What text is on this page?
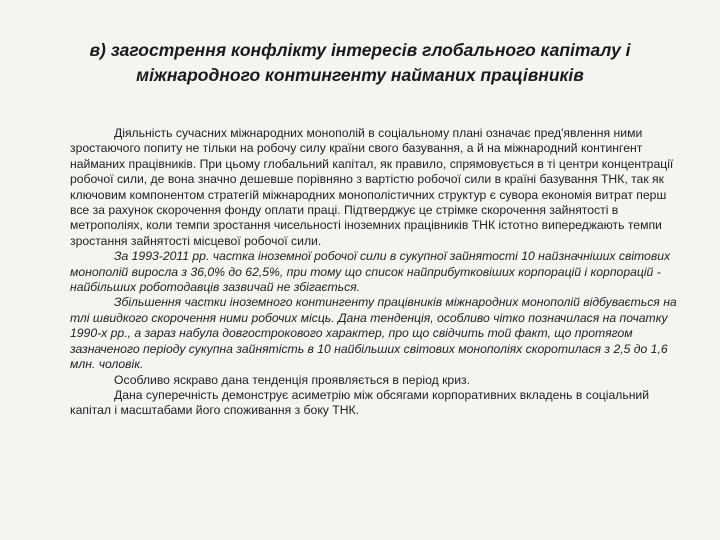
в) загострення конфлікту інтересів глобального капіталу і міжнародного контингенту найманих працівників

Діяльність сучасних міжнародних монополій в соціальному плані означає пред'явлення ними зростаючого попиту не тільки на робочу силу країни свого базування, а й на міжнародний контингент найманих працівників. При цьому глобальний капітал, як правило, спрямовується в ті центри концентрації робочої сили, де вона значно дешевше порівняно з вартістю робочої сили в країні базування ТНК, так як ключовим компонентом стратегій міжнародних монополістичних структур є сувора економія витрат перш все за рахунок скорочення фонду оплати праці. Підтверджує це стрімке скорочення зайнятості в метрополіях, коли темпи зростання чисельності іноземних працівників ТНК істотно випереджають темпи зростання зайнятості місцевої робочої сили.

За 1993-2011 рр. частка іноземної робочої сили в сукупної зайнятості 10 найзначніших світових монополій виросла з 36,0% до 62,5%, при тому що список найприбутковіших корпорацій і корпорацій - найбільших роботодавців зазвичай не збігається.

Збільшення частки іноземного контингенту працівників міжнародних монополій відбувається на тлі швидкого скорочення ними робочих місць. Дана тенденція, особливо чітко позначилася на початку 1990-х рр., а зараз набула довгострокового характер, про що свідчить той факт, що протягом зазначеного періоду сукупна зайнятість в 10 найбільших світових монополіях скоротилася з 2,5 до 1,6 млн. чоловік.

Особливо яскраво дана тенденція проявляється в період криз.

Дана суперечність демонструє асиметрію між обсягами корпоративних вкладень в соціальний капітал і масштабами його споживання з боку ТНК.
